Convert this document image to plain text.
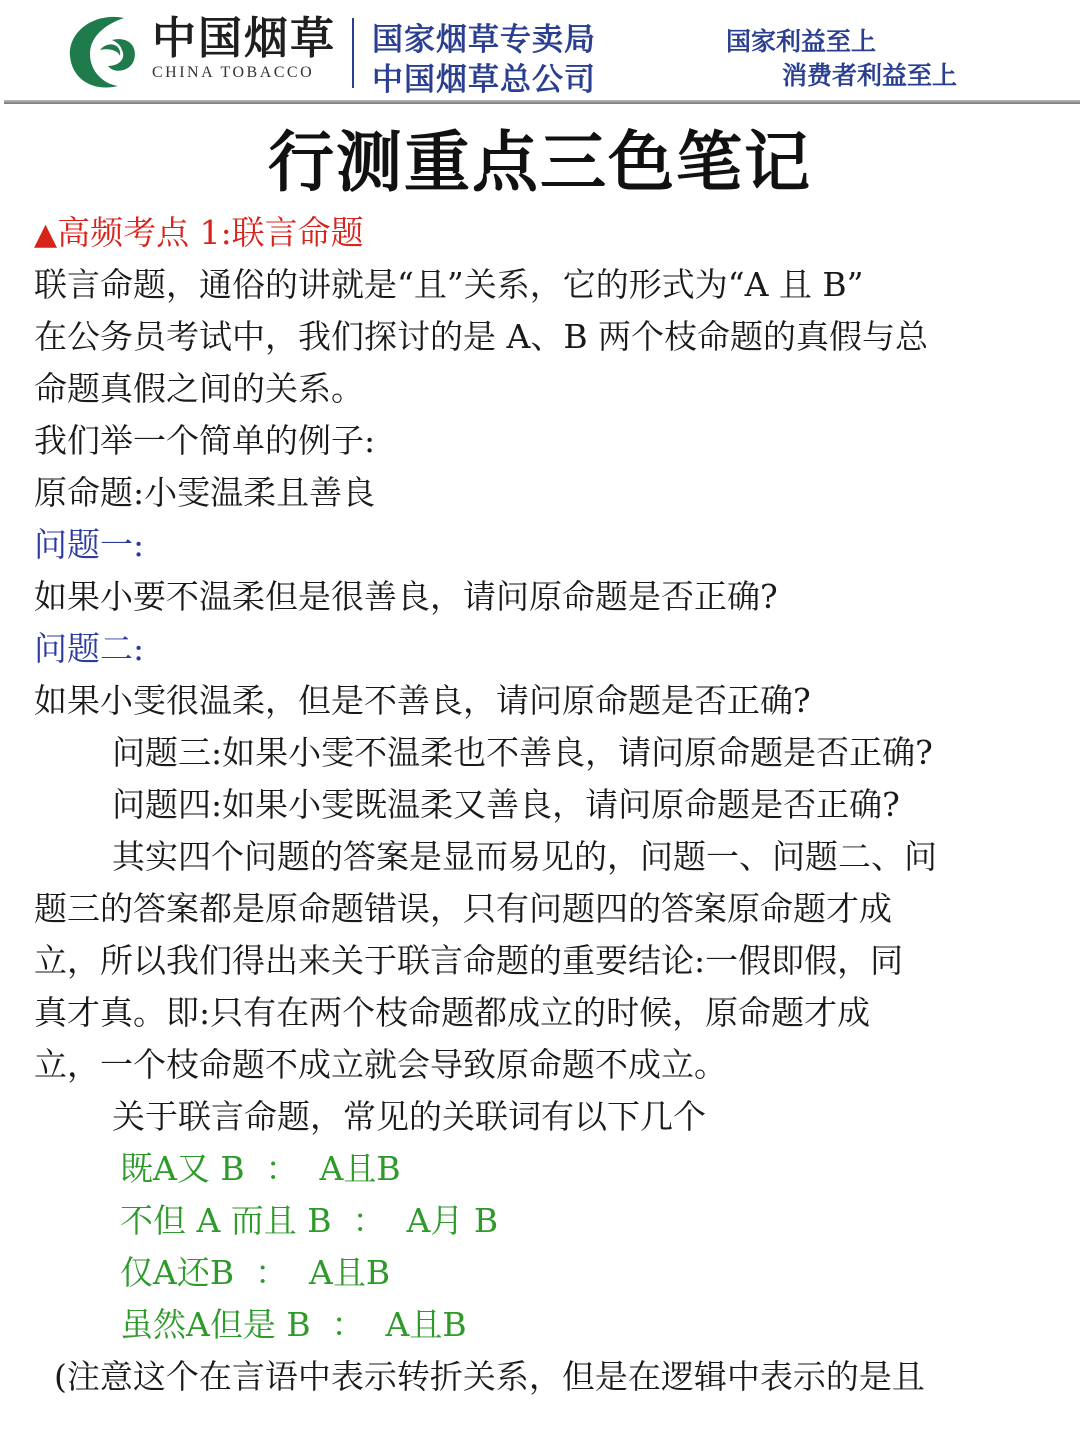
中国烟草
CHINA TOBACCO
国家烟草专卖局
中国烟草总公司
国家利益至上
消费者利益至上
行测重点三色笔记
▲高频考点 1:联言命题
联言命题，通俗的讲就是“且”关系，它的形式为“A 且 B”
在公务员考试中，我们探讨的是 A、B 两个枝命题的真假与总
命题真假之间的关系。
我们举一个简单的例子:
原命题:小雯温柔且善良
问题一:
如果小要不温柔但是很善良，请问原命题是否正确?
问题二:
如果小雯很温柔，但是不善良，请问原命题是否正确?
问题三:如果小雯不温柔也不善良，请问原命题是否正确?
问题四:如果小雯既温柔又善良，请问原命题是否正确?
其实四个问题的答案是显而易见的，问题一、问题二、问
题三的答案都是原命题错误，只有问题四的答案原命题才成
立，所以我们得出来关于联言命题的重要结论:一假即假，同
真才真。即:只有在两个枝命题都成立的时候，原命题才成
立，一个枝命题不成立就会导致原命题不成立。
关于联言命题，常见的关联词有以下几个
既A又 B  ：  A且B
不但 A 而且 B  ：  A月 B
仅A还B  ：  A且B
虽然A但是 B  ：  A且B
(注意这个在言语中表示转折关系，但是在逻辑中表示的是且
